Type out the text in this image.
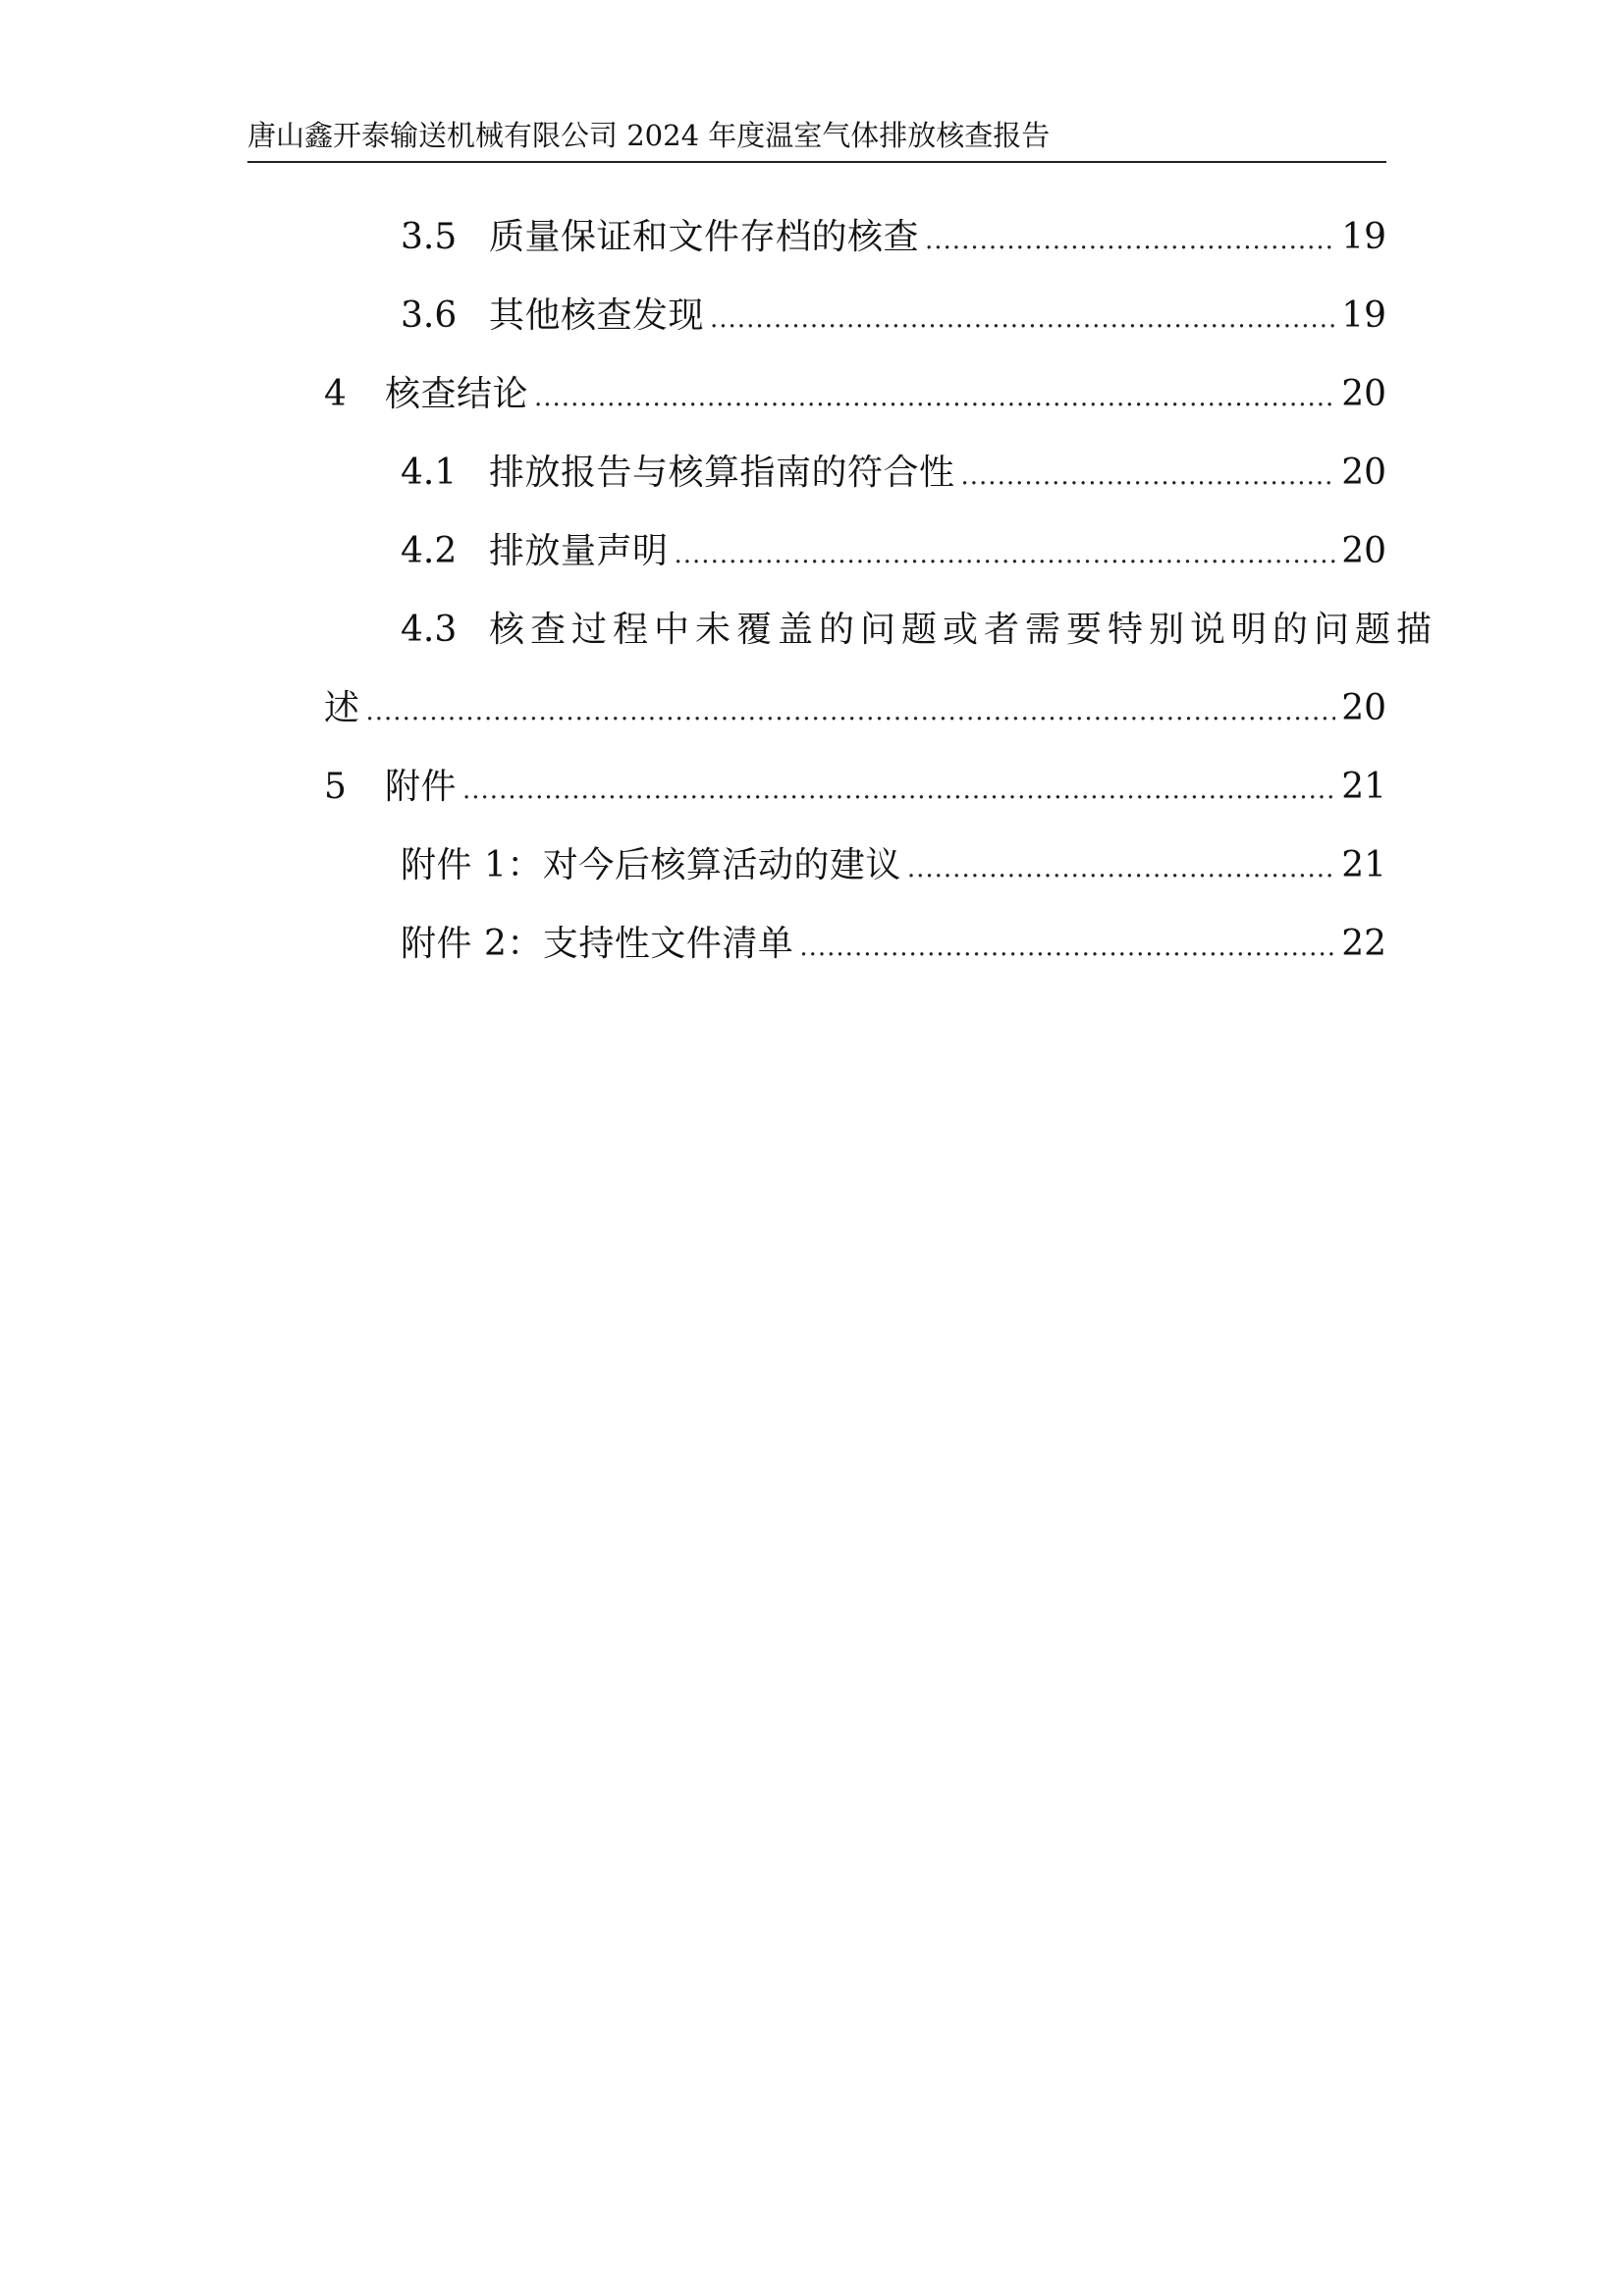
唐山鑫开泰输送机械有限公司 2024 年度温室气体排放核查报告
3.5 质量保证和文件存档的核查 .....	19
3.6 其他核查发现 .....	19
4	核查结论 .....	20
4.1 排放报告与核算指南的符合性 .....	20
4.2 排放量声明 .....	20
4.3 核查过程中未覆盖的问题或者需要特别说明的问题描
述 .....	20
5	附件 .....	21
附件 1：对今后核算活动的建议 .....	21
附件 2：支持性文件清单 .....	22
